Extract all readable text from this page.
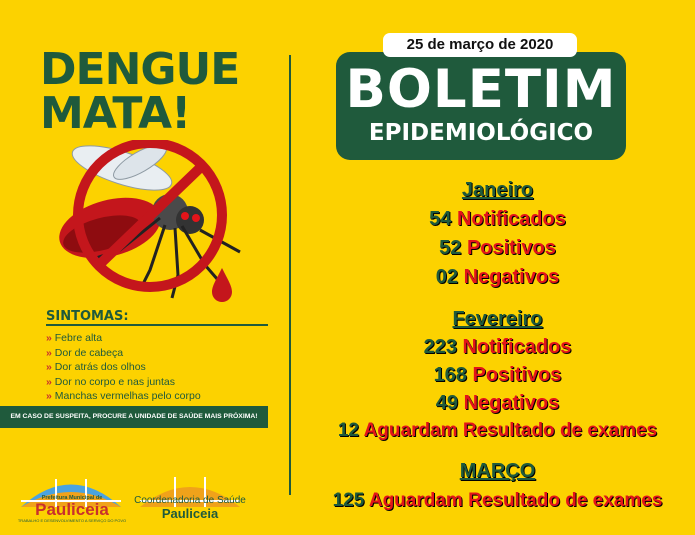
DENGUE
MATA!
SINTOMAS:
» Febre alta
» Dor de cabeça
» Dor atrás dos olhos
» Dor no corpo e nas juntas
» Manchas vermelhas pelo corpo
EM CASO DE SUSPEITA, PROCURE A UNIDADE DE SAÚDE MAIS PRÓXIMA!
Prefeitura Municipal de
Pauliceia
TRABALHO E DESENVOLVIMENTO A SERVIÇO DO POVO
Coordenadoria de Saúde
Pauliceia
25 de março de 2020
BOLETIM
EPIDEMIOLÓGICO
Janeiro
54 Notificados
52 Positivos
02 Negativos
Fevereiro
223 Notificados
168 Positivos
49 Negativos
12 Aguardam Resultado de exames
MARÇO
125 Aguardam Resultado de exames
